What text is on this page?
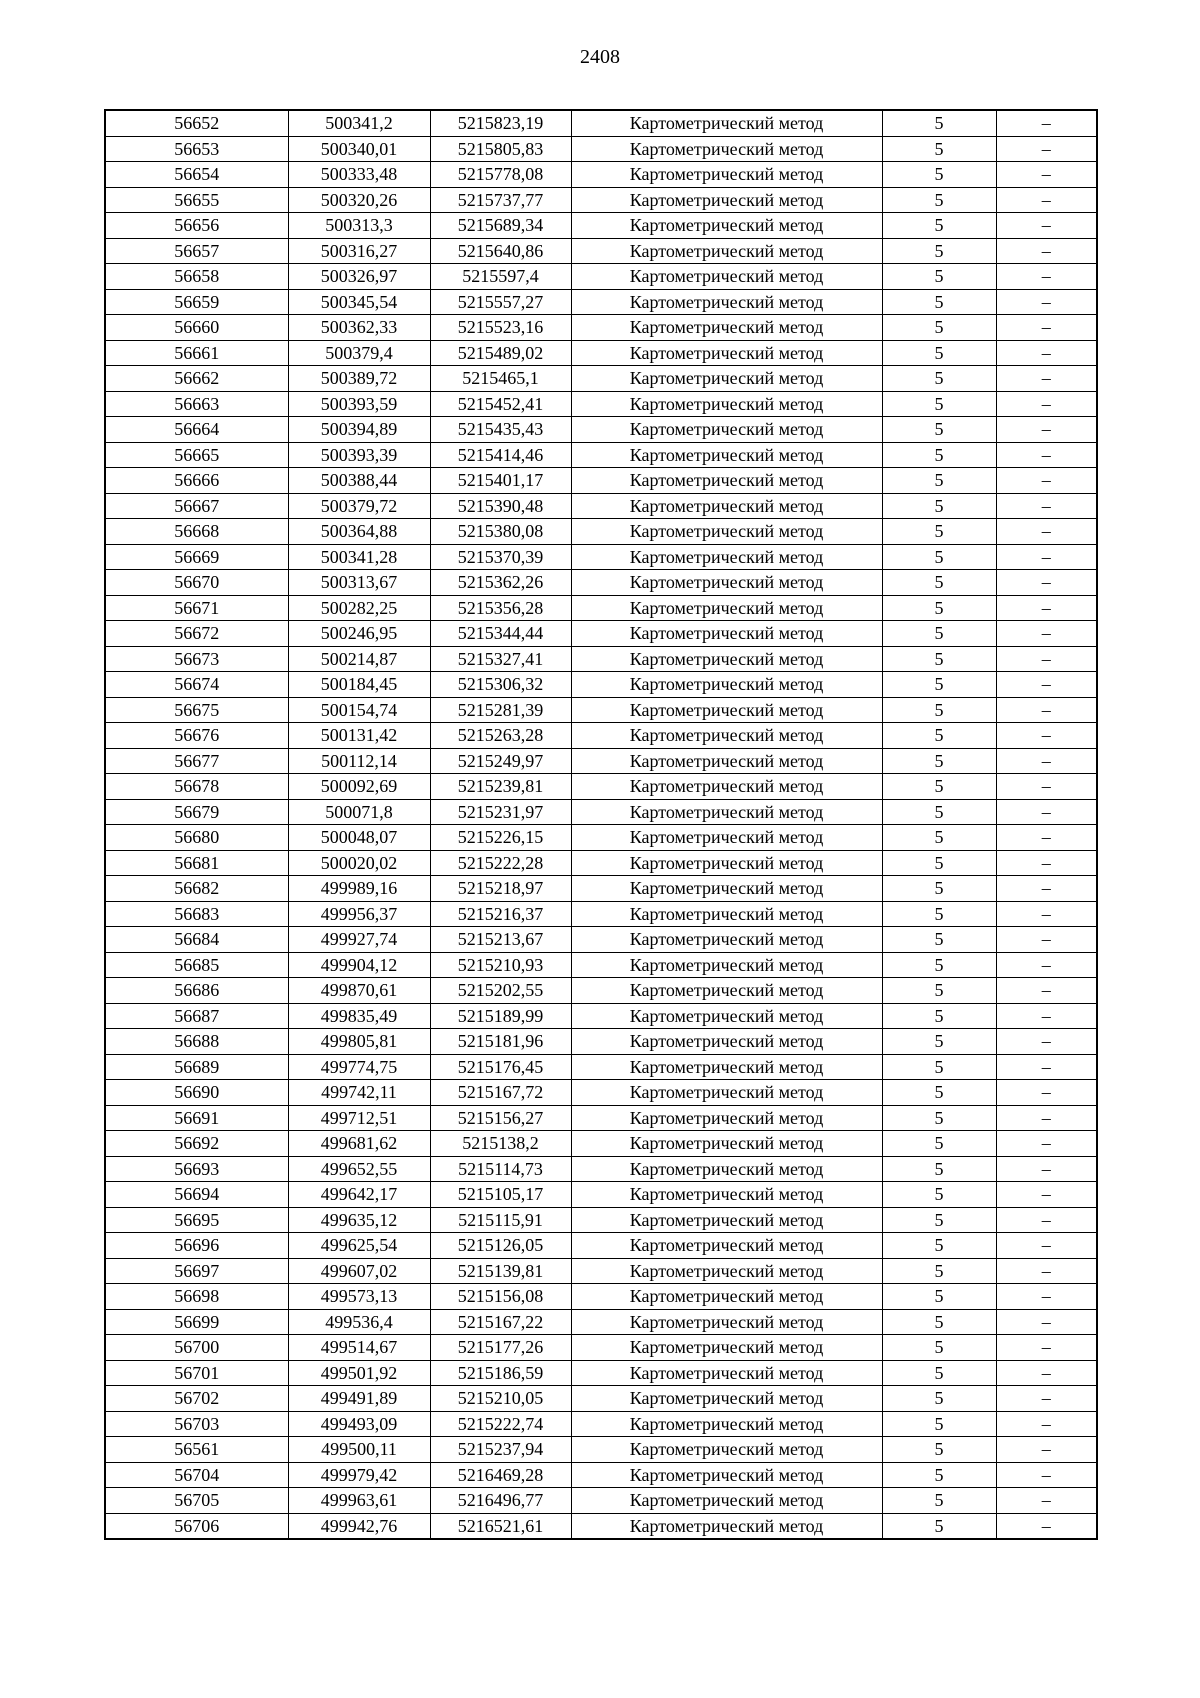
2408
56652	500341,2	5215823,19	Картометрический метод	5	–
56653	500340,01	5215805,83	Картометрический метод	5	–
56654	500333,48	5215778,08	Картометрический метод	5	–
56655	500320,26	5215737,77	Картометрический метод	5	–
56656	500313,3	5215689,34	Картометрический метод	5	–
56657	500316,27	5215640,86	Картометрический метод	5	–
56658	500326,97	5215597,4	Картометрический метод	5	–
56659	500345,54	5215557,27	Картометрический метод	5	–
56660	500362,33	5215523,16	Картометрический метод	5	–
56661	500379,4	5215489,02	Картометрический метод	5	–
56662	500389,72	5215465,1	Картометрический метод	5	–
56663	500393,59	5215452,41	Картометрический метод	5	–
56664	500394,89	5215435,43	Картометрический метод	5	–
56665	500393,39	5215414,46	Картометрический метод	5	–
56666	500388,44	5215401,17	Картометрический метод	5	–
56667	500379,72	5215390,48	Картометрический метод	5	–
56668	500364,88	5215380,08	Картометрический метод	5	–
56669	500341,28	5215370,39	Картометрический метод	5	–
56670	500313,67	5215362,26	Картометрический метод	5	–
56671	500282,25	5215356,28	Картометрический метод	5	–
56672	500246,95	5215344,44	Картометрический метод	5	–
56673	500214,87	5215327,41	Картометрический метод	5	–
56674	500184,45	5215306,32	Картометрический метод	5	–
56675	500154,74	5215281,39	Картометрический метод	5	–
56676	500131,42	5215263,28	Картометрический метод	5	–
56677	500112,14	5215249,97	Картометрический метод	5	–
56678	500092,69	5215239,81	Картометрический метод	5	–
56679	500071,8	5215231,97	Картометрический метод	5	–
56680	500048,07	5215226,15	Картометрический метод	5	–
56681	500020,02	5215222,28	Картометрический метод	5	–
56682	499989,16	5215218,97	Картометрический метод	5	–
56683	499956,37	5215216,37	Картометрический метод	5	–
56684	499927,74	5215213,67	Картометрический метод	5	–
56685	499904,12	5215210,93	Картометрический метод	5	–
56686	499870,61	5215202,55	Картометрический метод	5	–
56687	499835,49	5215189,99	Картометрический метод	5	–
56688	499805,81	5215181,96	Картометрический метод	5	–
56689	499774,75	5215176,45	Картометрический метод	5	–
56690	499742,11	5215167,72	Картометрический метод	5	–
56691	499712,51	5215156,27	Картометрический метод	5	–
56692	499681,62	5215138,2	Картометрический метод	5	–
56693	499652,55	5215114,73	Картометрический метод	5	–
56694	499642,17	5215105,17	Картометрический метод	5	–
56695	499635,12	5215115,91	Картометрический метод	5	–
56696	499625,54	5215126,05	Картометрический метод	5	–
56697	499607,02	5215139,81	Картометрический метод	5	–
56698	499573,13	5215156,08	Картометрический метод	5	–
56699	499536,4	5215167,22	Картометрический метод	5	–
56700	499514,67	5215177,26	Картометрический метод	5	–
56701	499501,92	5215186,59	Картометрический метод	5	–
56702	499491,89	5215210,05	Картометрический метод	5	–
56703	499493,09	5215222,74	Картометрический метод	5	–
56561	499500,11	5215237,94	Картометрический метод	5	–
56704	499979,42	5216469,28	Картометрический метод	5	–
56705	499963,61	5216496,77	Картометрический метод	5	–
56706	499942,76	5216521,61	Картометрический метод	5	–
